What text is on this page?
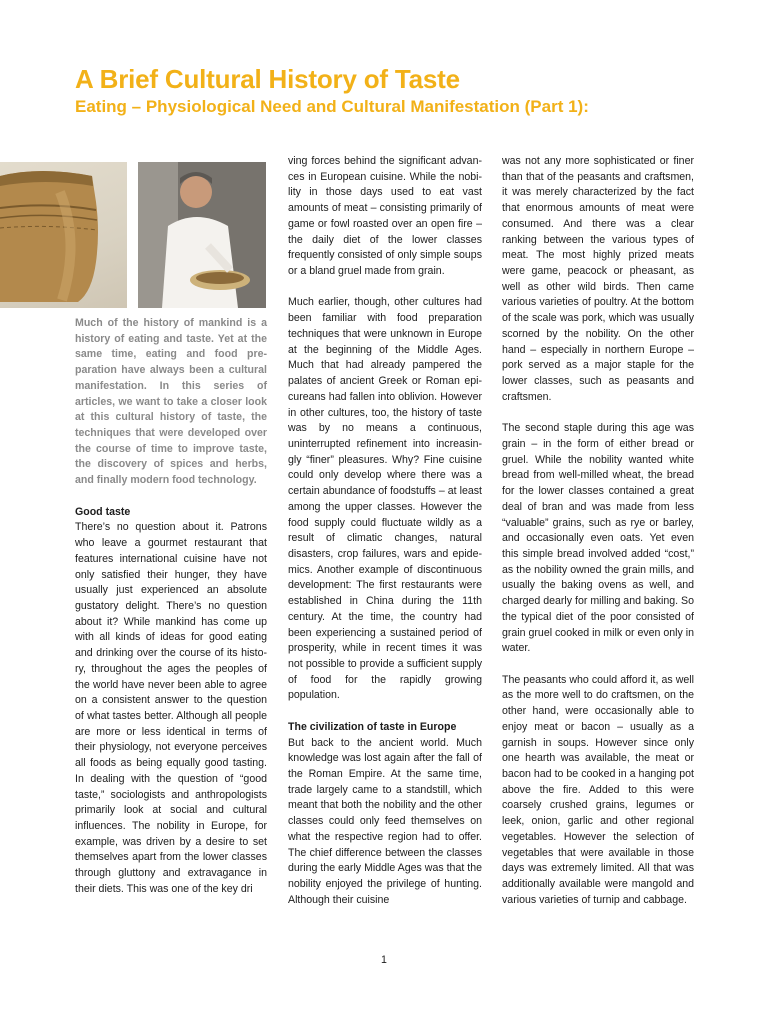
A Brief Cultural History of Taste
Eating – Physiological Need and Cultural Manifestation (Part 1):

Much of the history of mankind is a history of eating and taste. Yet at the same time, eating and food preparation have always been a cultural manifestation. In this series of articles, we want to take a closer look at this cultural history of taste, the techniques that were developed over the course of time to improve taste, the discovery of spices and herbs, and finally modern food technology.

Good taste

There’s no question about it. Patrons who leave a gourmet restaurant that features international cuisine have not only satisfied their hunger, they have usually just experienced an absolute gustatory delight. There’s no question about it? While mankind has come up with all kinds of ideas for good eating and drinking over the course of its history, throughout the ages the peoples of the world have never been able to agree on a consistent answer to the question of what tastes better. Although all people are more or less identical in terms of their physiology, not everyone perceives all foods as being equally good tasting. In dealing with the question of “good taste,” sociologists and anthropologists primarily look at social and cultural influences. The nobility in Europe, for example, was driven by a desire to set themselves apart from the lower classes through gluttony and extravagance in their diets. This was one of the key dri

ving forces behind the significant advances in European cuisine. While the nobility in those days used to eat vast amounts of meat – consisting primarily of game or fowl roasted over an open fire – the daily diet of the lower classes frequently consisted of only simple soups or a bland gruel made from grain.

Much earlier, though, other cultures had been familiar with food preparation techniques that were unknown in Europe at the beginning of the Middle Ages. Much that had already pampered the palates of ancient Greek or Roman epicureans had fallen into oblivion. However in other cultures, too, the history of taste was by no means a continuous, uninterrupted refinement into increasingly “finer” pleasures. Why? Fine cuisine could only develop where there was a certain abundance of foodstuffs – at least among the upper classes. However the food supply could fluctuate wildly as a result of climatic changes, natural disasters, crop failures, wars and epidemics. Another example of discontinuous development: The first restaurants were established in China during the 11th century. At the time, the country had been experiencing a sustained period of prosperity, while in recent times it was not possible to provide a sufficient supply of food for the rapidly growing population.

The civilization of taste in Europe

But back to the ancient world. Much knowledge was lost again after the fall of the Roman Empire. At the same time, trade largely came to a standstill, which meant that both the nobility and the other classes could only feed themselves on what the respective region had to offer. The chief difference between the classes during the early Middle Ages was that the nobility enjoyed the privilege of hunting. Although their cuisine

was not any more sophisticated or finer than that of the peasants and craftsmen, it was merely characterized by the fact that enormous amounts of meat were consumed. And there was a clear ranking between the various types of meat. The most highly prized meats were game, peacock or pheasant, as well as other wild birds. Then came various varieties of poultry. At the bottom of the scale was pork, which was usually scorned by the nobility. On the other hand – especially in northern Europe – pork served as a major staple for the lower classes, such as peasants and craftsmen.

The second staple during this age was grain – in the form of either bread or gruel. While the nobility wanted white bread from well-milled wheat, the bread for the lower classes contained a great deal of bran and was made from less “valuable” grains, such as rye or barley, and occasionally even oats. Yet even this simple bread involved added “cost,” as the nobility owned the grain mills, and usually the baking ovens as well, and charged dearly for milling and baking. So the typical diet of the poor consisted of grain gruel cooked in milk or even only in water.

The peasants who could afford it, as well as the more well to do craftsmen, on the other hand, were occasionally able to enjoy meat or bacon – usually as a garnish in soups. However since only one hearth was available, the meat or bacon had to be cooked in a hanging pot above the fire. Added to this were coarsely crushed grains, legumes or leek, onion, garlic and other regional vegetables. However the selection of vegetables that were available in those days was extremely limited. All that was additionally available were mangold and various varieties of turnip and cabbage.

1
